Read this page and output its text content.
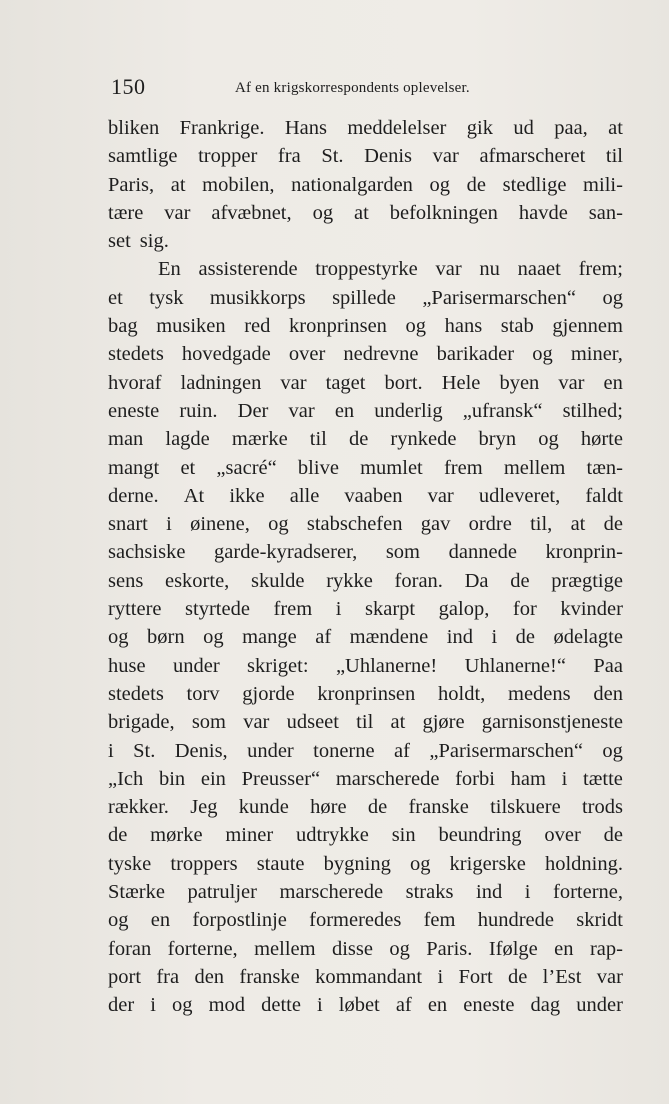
150	Af en krigskorrespondents oplevelser.
bliken Frankrige. Hans meddelelser gik ud paa, at
samtlige tropper fra St. Denis var afmarscheret til
Paris, at mobilen, nationalgarden og de stedlige mili-
tære var afvæbnet, og at befolkningen havde san-
set sig.
En assisterende troppestyrke var nu naaet frem;
et tysk musikkorps spillede „Parisermarschen“ og
bag musiken red kronprinsen og hans stab gjennem
stedets hovedgade over nedrevne barikader og miner,
hvoraf ladningen var taget bort. Hele byen var en
eneste ruin. Der var en underlig „ufransk“ stilhed;
man lagde mærke til de rynkede bryn og hørte
mangt et „sacré“ blive mumlet frem mellem tæn-
derne. At ikke alle vaaben var udleveret, faldt
snart i øinene, og stabschefen gav ordre til, at de
sachsiske garde-kyradserer, som dannede kronprin-
sens eskorte, skulde rykke foran. Da de prægtige
ryttere styrtede frem i skarpt galop, for kvinder
og børn og mange af mændene ind i de ødelagte
huse under skriget: „Uhlanerne! Uhlanerne!“ Paa
stedets torv gjorde kronprinsen holdt, medens den
brigade, som var udseet til at gjøre garnisonstjeneste
i St. Denis, under tonerne af „Parisermarschen“ og
„Ich bin ein Preusser“ marscherede forbi ham i tætte
rækker. Jeg kunde høre de franske tilskuere trods
de mørke miner udtrykke sin beundring over de
tyske troppers staute bygning og krigerske holdning.
Stærke patruljer marscherede straks ind i forterne,
og en forpostlinje formeredes fem hundrede skridt
foran forterne, mellem disse og Paris. Ifølge en rap-
port fra den franske kommandant i Fort de l’Est var
der i og mod dette i løbet af en eneste dag under
